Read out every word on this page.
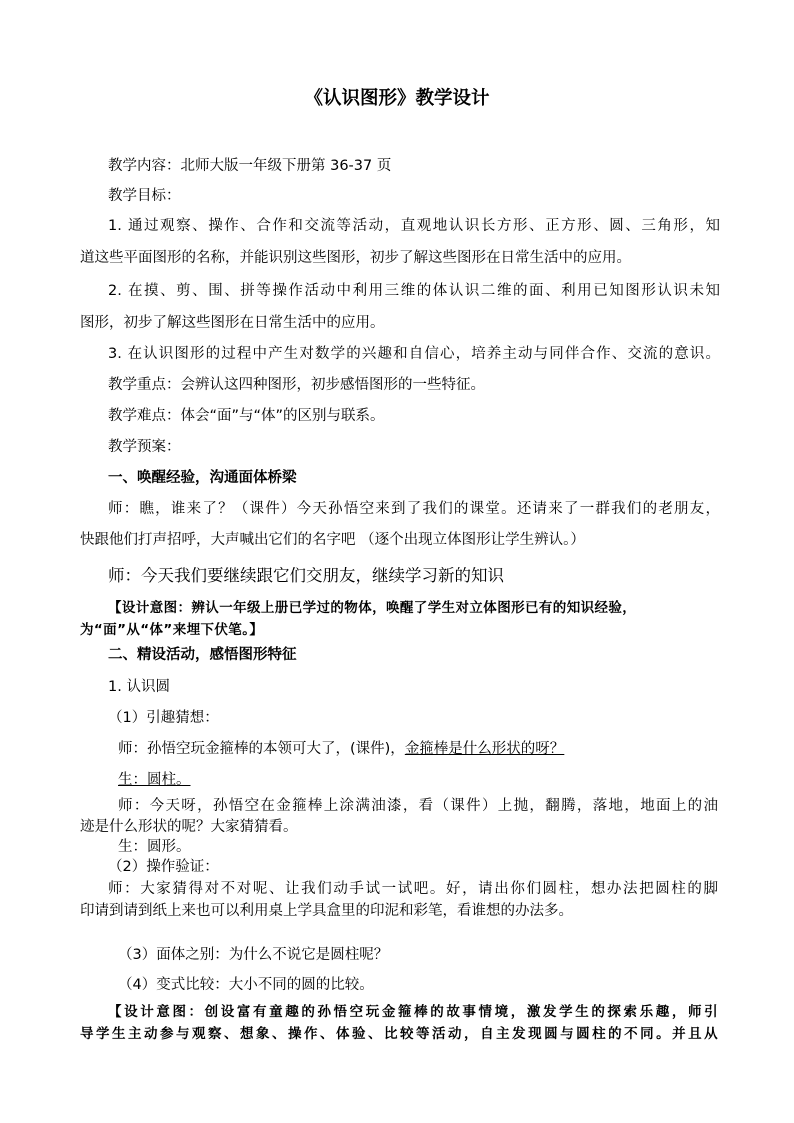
《认识图形》教学设计
教学内容：北师大版一年级下册第 36-37 页
教学目标：
1. 通过观察、操作、合作和交流等活动，直观地认识长方形、正方形、圆、三角形，知
道这些平面图形的名称，并能识别这些图形，初步了解这些图形在日常生活中的应用。
2. 在摸、剪、围、拼等操作活动中利用三维的体认识二维的面、利用已知图形认识未知
图形，初步了解这些图形在日常生活中的应用。
3. 在认识图形的过程中产生对数学的兴趣和自信心，培养主动与同伴合作、交流的意识。
教学重点：会辨认这四种图形，初步感悟图形的一些特征。
教学难点：体会“面”与“体”的区别与联系。
教学预案：
一、唤醒经验，沟通面体桥梁
师：瞧，谁来了？（课件）今天孙悟空来到了我们的课堂。还请来了一群我们的老朋友，
快跟他们打声招呼，大声喊出它们的名字吧 （逐个出现立体图形让学生辨认。）
师：今天我们要继续跟它们交朋友，继续学习新的知识
【设计意图：辨认一年级上册已学过的物体，唤醒了学生对立体图形已有的知识经验，
为“面”从“体”来埋下伏笔。】
二、精设活动，感悟图形特征
1. 认识圆
（1）引趣猜想：
师：孙悟空玩金箍棒的本领可大了，(课件)，金箍棒是什么形状的呀？
生：圆柱。
师：今天呀，孙悟空在金箍棒上涂满油漆，看（课件）上抛，翻腾，落地，地面上的油
迹是什么形状的呢？大家猜猜看。
生：圆形。
（2）操作验证：
师：大家猜得对不对呢、让我们动手试一试吧。好，请出你们圆柱，想办法把圆柱的脚
印请到请到纸上来也可以利用桌上学具盒里的印泥和彩笔，看谁想的办法多。
（3）面体之别：为什么不说它是圆柱呢？
（4）变式比较：大小不同的圆的比较。
【设计意图：创设富有童趣的孙悟空玩金箍棒的故事情境，激发学生的探索乐趣，师引
导学生主动参与观察、想象、操作、体验、比较等活动，自主发现圆与圆柱的不同。并且从
